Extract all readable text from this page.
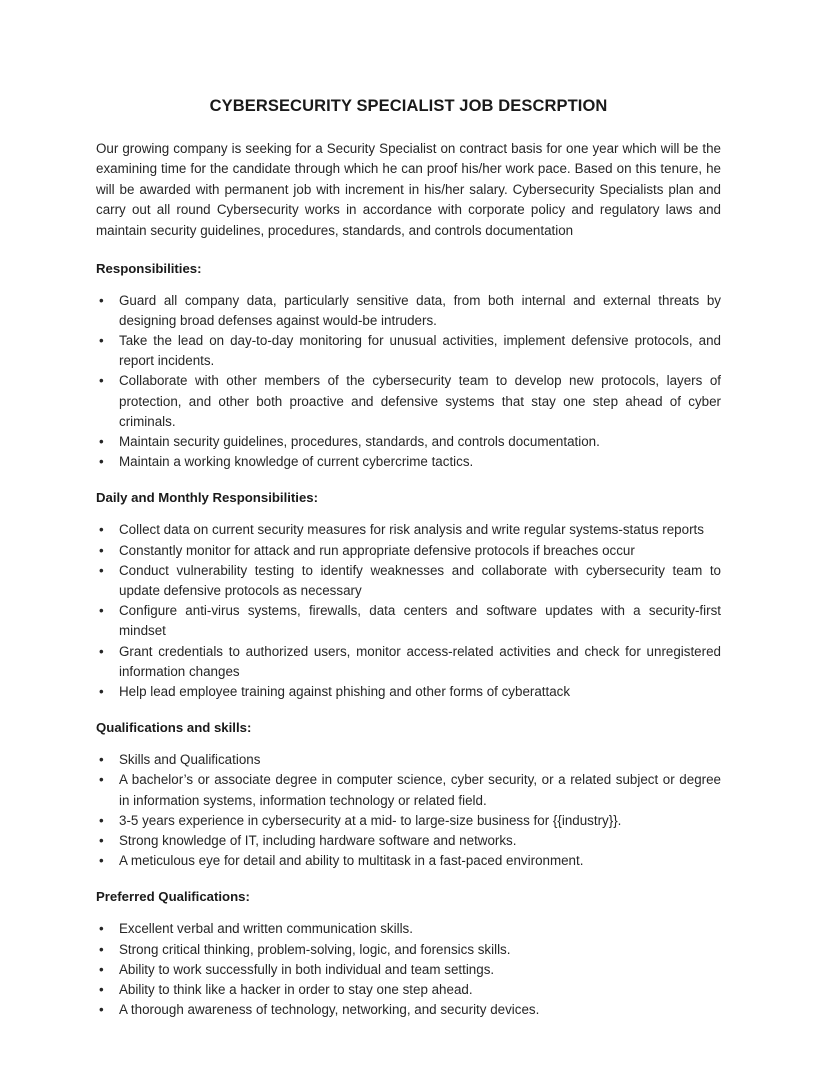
CYBERSECURITY SPECIALIST JOB DESCRPTION

Our growing company is seeking for a Security Specialist on contract basis for one year which will be the examining time for the candidate through which he can proof his/her work pace. Based on this tenure, he will be awarded with permanent job with increment in his/her salary. Cybersecurity Specialists plan and carry out all round Cybersecurity works in accordance with corporate policy and regulatory laws and maintain security guidelines, procedures, standards, and controls documentation

Responsibilities:
• Guard all company data, particularly sensitive data, from both internal and external threats by designing broad defenses against would-be intruders.
• Take the lead on day-to-day monitoring for unusual activities, implement defensive protocols, and report incidents.
• Collaborate with other members of the cybersecurity team to develop new protocols, layers of protection, and other both proactive and defensive systems that stay one step ahead of cyber criminals.
• Maintain security guidelines, procedures, standards, and controls documentation.
• Maintain a working knowledge of current cybercrime tactics.
Daily and Monthly Responsibilities:
• Collect data on current security measures for risk analysis and write regular systems-status reports
• Constantly monitor for attack and run appropriate defensive protocols if breaches occur
• Conduct vulnerability testing to identify weaknesses and collaborate with cybersecurity team to update defensive protocols as necessary
• Configure anti-virus systems, firewalls, data centers and software updates with a security-first mindset
• Grant credentials to authorized users, monitor access-related activities and check for unregistered information changes
• Help lead employee training against phishing and other forms of cyberattack
Qualifications and skills:
• Skills and Qualifications
• A bachelor’s or associate degree in computer science, cyber security, or a related subject or degree in information systems, information technology or related field.
• 3-5 years experience in cybersecurity at a mid- to large-size business for {{industry}}.
• Strong knowledge of IT, including hardware software and networks.
• A meticulous eye for detail and ability to multitask in a fast-paced environment.
Preferred Qualifications:
• Excellent verbal and written communication skills.
• Strong critical thinking, problem-solving, logic, and forensics skills.
• Ability to work successfully in both individual and team settings.
• Ability to think like a hacker in order to stay one step ahead.
• A thorough awareness of technology, networking, and security devices.
